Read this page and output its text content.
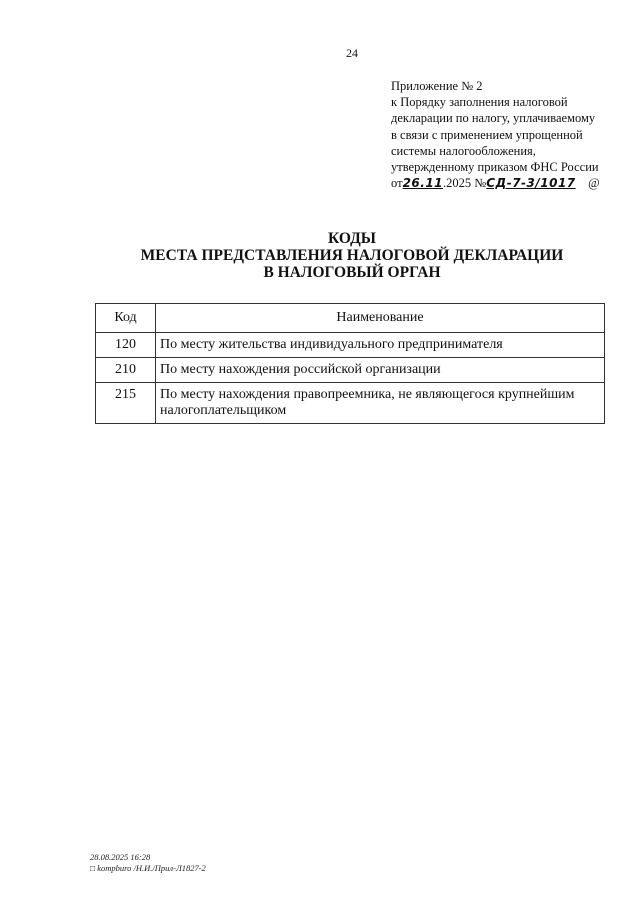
24
Приложение № 2
к Порядку заполнения налоговой
декларации по налогу, уплачиваемому
в связи с применением упрощенной
системы налогообложения,
утвержденному приказом ФНС России
от26.11.2025 №СД-7-3/1017 @
КОДЫ
МЕСТА ПРЕДСТАВЛЕНИЯ НАЛОГОВОЙ ДЕКЛАРАЦИИ
В НАЛОГОВЫЙ ОРГАН
Код	Наименование
120	По месту жительства индивидуального предпринимателя
210	По месту нахождения российской организации
215	По месту нахождения правопреемника, не являющегося крупнейшим налогоплательщиком
28.08.2025 16:28
□ kompburo /Н.И./Прил-Л1827-2
